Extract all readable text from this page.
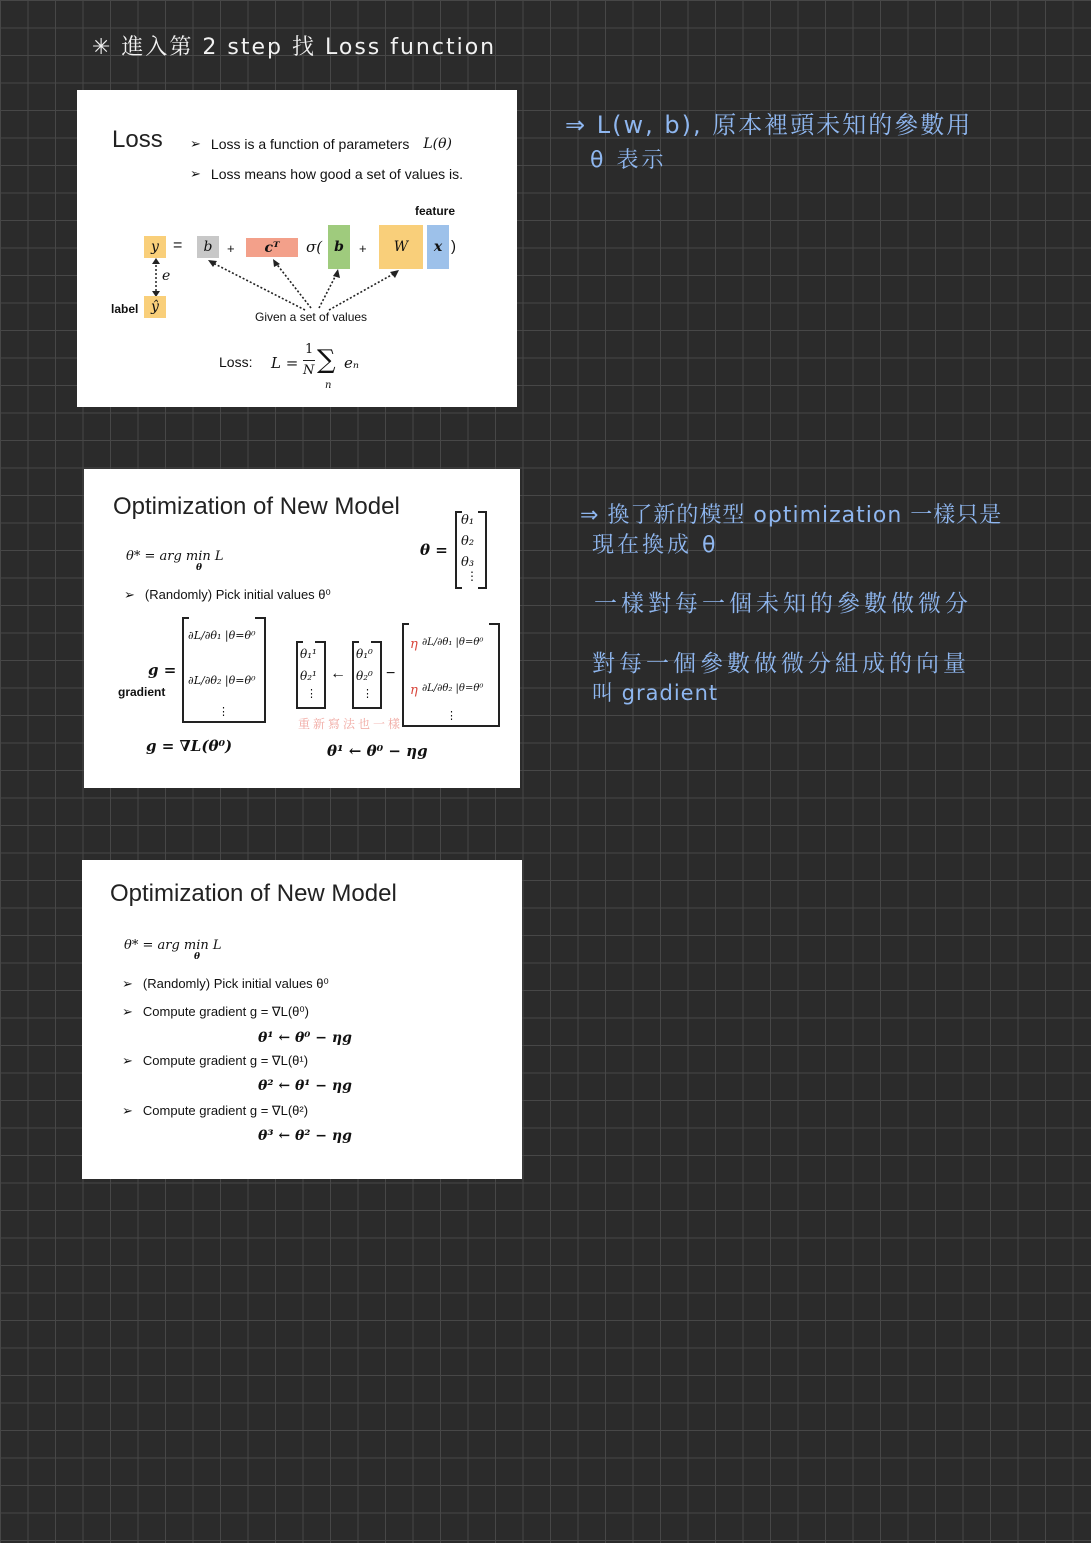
✳ 進入第 2 step 找 Loss function
⇒ L(w, b), 原本裡頭未知的參數用
θ 表示
⇒ 換了新的模型 optimization 一樣只是
現在換成 θ
一樣對每一個未知的參數做微分
對每一個參數做微分組成的向量
叫 gradient
Loss ➢ Loss is a function of parameters L(θ)
➢ Loss means how good a set of values is.
feature
y =	b	+	cᵀ	σ( b	+	W	x )
e
label ŷ
Given a set of values
Loss: L =
1
N ∑
n
eₙ
Optimization of New Model
θ* = arg min L
θ
θ =
θ₁
θ₂
θ₃
⋮
➢ (Randomly) Pick initial values θ⁰
g =
gradient
∂L/∂θ₁ |θ=θ⁰
∂L/∂θ₂ |θ=θ⁰
⋮
θ₁¹
θ₂¹
⋮
←
θ₁⁰
θ₂⁰
⋮
−
η ∂L/∂θ₁ |θ=θ⁰
η ∂L/∂θ₂ |θ=θ⁰
⋮
g = ∇L(θ⁰)	θ¹ ← θ⁰ − ηg
重新寫法也一樣
Optimization of New Model
θ* = arg min L
θ
➢ (Randomly) Pick initial values θ⁰
➢ Compute gradient g = ∇L(θ⁰)
θ¹ ← θ⁰ − ηg
➢ Compute gradient g = ∇L(θ¹)
θ² ← θ¹ − ηg
➢ Compute gradient g = ∇L(θ²)
θ³ ← θ² − ηg
